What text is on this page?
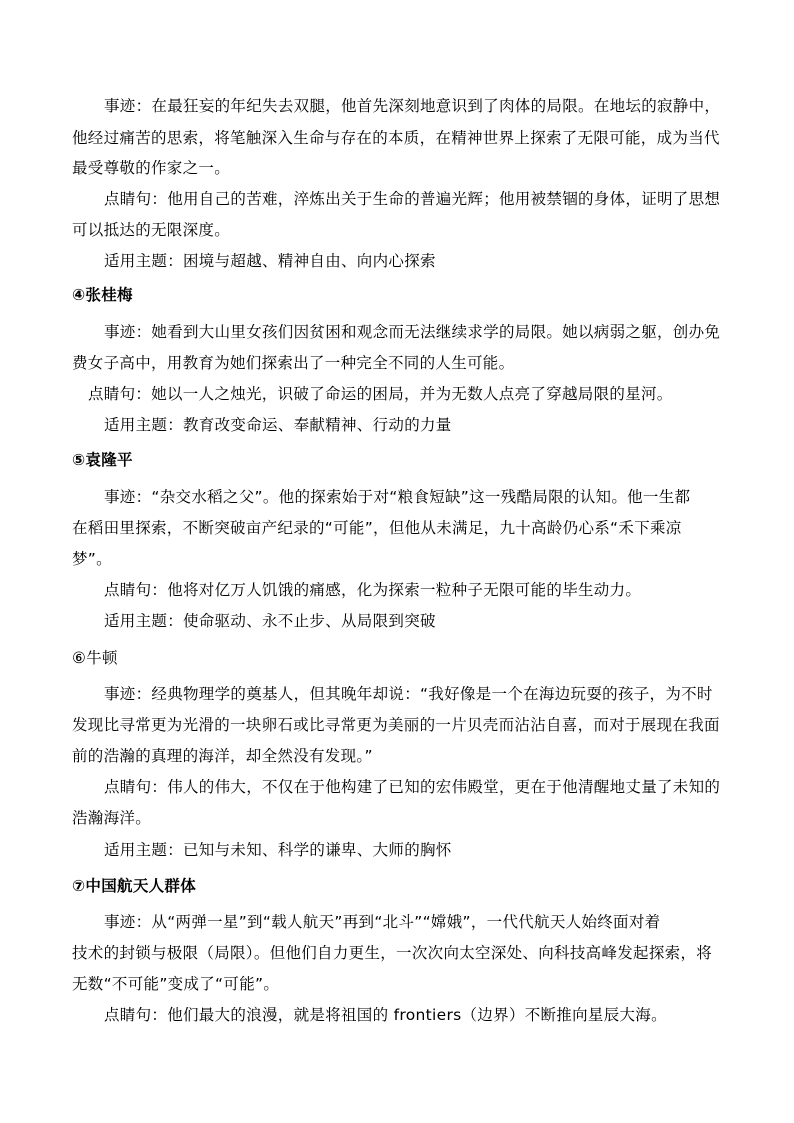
事迹：在最狂妄的年纪失去双腿，他首先深刻地意识到了肉体的局限。在地坛的寂静中，

他经过痛苦的思索，将笔触深入生命与存在的本质，在精神世界上探索了无限可能，成为当代

最受尊敬的作家之一。

点睛句：他用自己的苦难，淬炼出关于生命的普遍光辉；他用被禁锢的身体，证明了思想

可以抵达的无限深度。

适用主题：困境与超越、精神自由、向内心探索

④张桂梅

事迹：她看到大山里女孩们因贫困和观念而无法继续求学的局限。她以病弱之躯，创办免

费女子高中，用教育为她们探索出了一种完全不同的人生可能。

点睛句：她以一人之烛光，识破了命运的困局，并为无数人点亮了穿越局限的星河。

适用主题：教育改变命运、奉献精神、行动的力量

⑤袁隆平

事迹：“杂交水稻之父”。他的探索始于对“粮食短缺”这一残酷局限的认知。他一生都

在稻田里探索，不断突破亩产纪录的“可能”，但他从未满足，九十高龄仍心系“禾下乘凉

梦”。

点睛句：他将对亿万人饥饿的痛感，化为探索一粒种子无限可能的毕生动力。

适用主题：使命驱动、永不止步、从局限到突破

⑥牛顿

事迹：经典物理学的奠基人，但其晚年却说：“我好像是一个在海边玩耍的孩子，为不时

发现比寻常更为光滑的一块卵石或比寻常更为美丽的一片贝壳而沾沾自喜，而对于展现在我面

前的浩瀚的真理的海洋，却全然没有发现。”

点睛句：伟人的伟大，不仅在于他构建了已知的宏伟殿堂，更在于他清醒地丈量了未知的

浩瀚海洋。

适用主题：已知与未知、科学的谦卑、大师的胸怀

⑦中国航天人群体

事迹：从“两弹一星”到“载人航天”再到“北斗”“嫦娥”，一代代航天人始终面对着

技术的封锁与极限（局限）。但他们自力更生，一次次向太空深处、向科技高峰发起探索，将

无数“不可能”变成了“可能”。

点睛句：他们最大的浪漫，就是将祖国的 frontiers（边界）不断推向星辰大海。
